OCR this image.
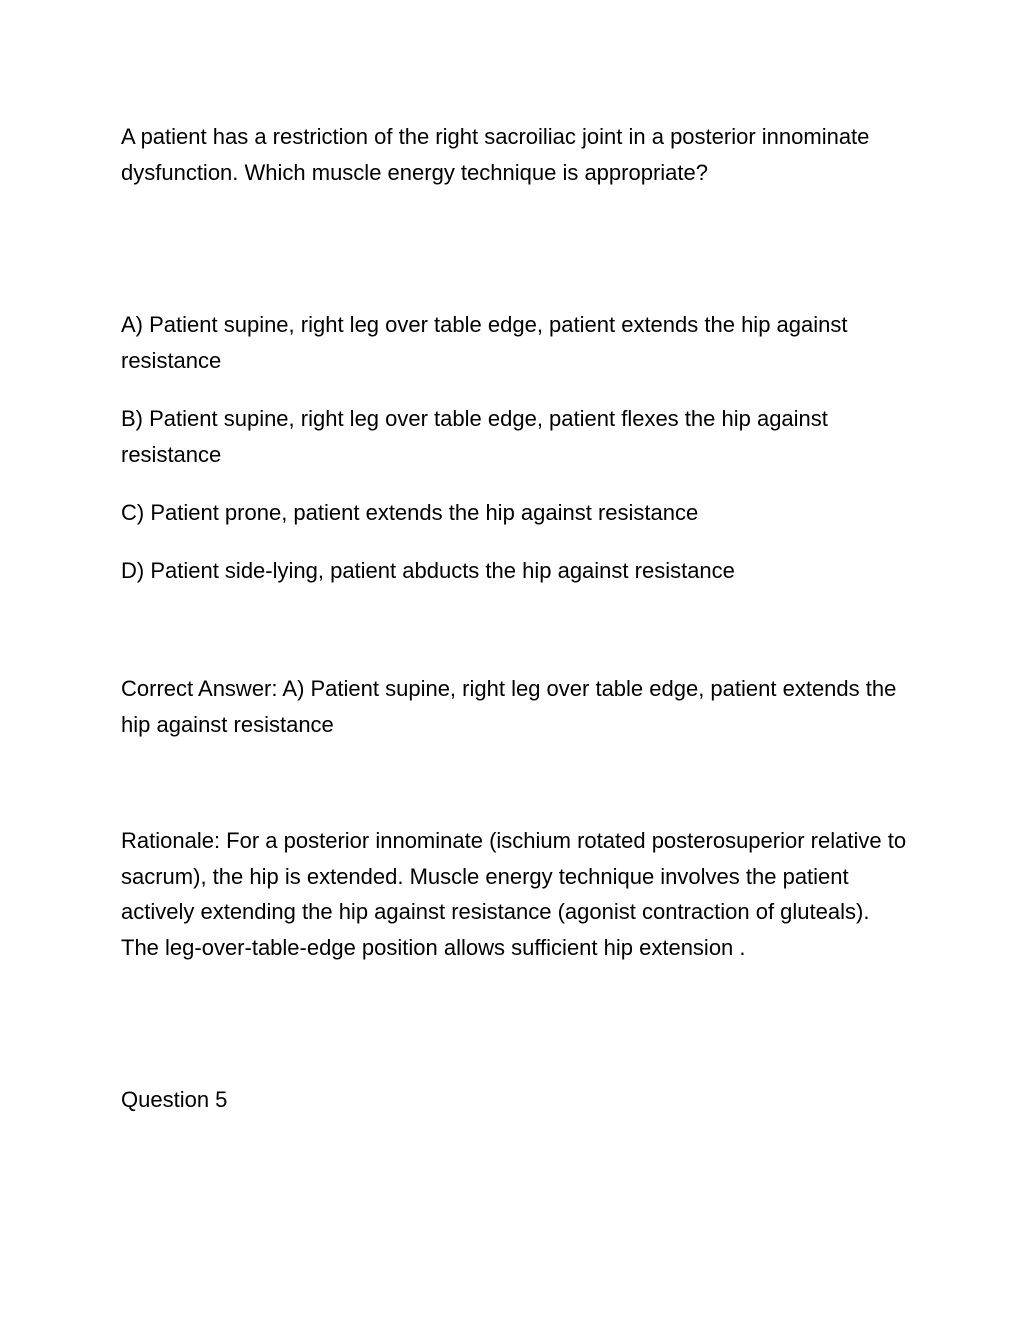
A patient has a restriction of the right sacroiliac joint in a posterior innominate dysfunction. Which muscle energy technique is appropriate?

A) Patient supine, right leg over table edge, patient extends the hip against resistance

B) Patient supine, right leg over table edge, patient flexes the hip against resistance

C) Patient prone, patient extends the hip against resistance

D) Patient side-lying, patient abducts the hip against resistance

Correct Answer: A) Patient supine, right leg over table edge, patient extends the hip against resistance

Rationale: For a posterior innominate (ischium rotated posterosuperior relative to sacrum), the hip is extended. Muscle energy technique involves the patient actively extending the hip against resistance (agonist contraction of gluteals). The leg-over-table-edge position allows sufficient hip extension .

Question 5
